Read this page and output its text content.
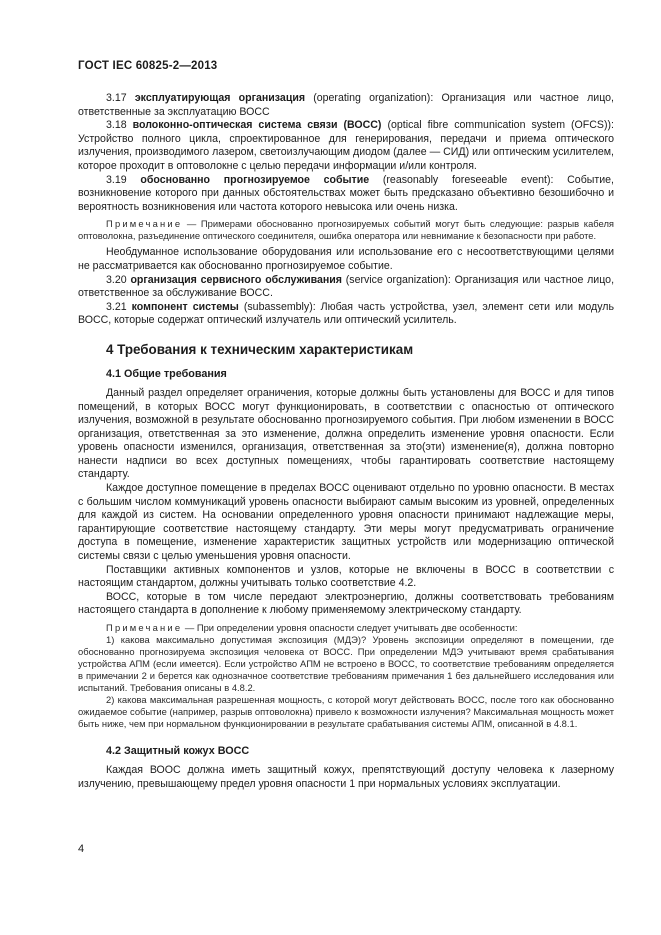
ГОСТ IEC 60825-2—2013

3.17 эксплуатирующая организация (operating organization): Организация или частное лицо, ответственные за эксплуатацию ВОСС

3.18 волоконно-оптическая система связи (ВОСС) (optical fibre communication system (OFCS)): Устройство полного цикла, спроектированное для генерирования, передачи и приема оптического излучения, производимого лазером, светоизлучающим диодом (далее — СИД) или оптическим усилителем, которое проходит в оптоволокне с целью передачи информации и/или контроля.

3.19 обоснованно прогнозируемое событие (reasonably foreseeable event): Событие, возникновение которого при данных обстоятельствах может быть предсказано объективно безошибочно и вероятность возникновения или частота которого невысока или очень низка.

Примечание — Примерами обоснованно прогнозируемых событий могут быть следующие: разрыв кабеля оптоволокна, разъединение оптического соединителя, ошибка оператора или невнимание к безопасности при работе.

Необдуманное использование оборудования или использование его с несоответствующими целями не рассматривается как обоснованно прогнозируемое событие.

3.20 организация сервисного обслуживания (service organization): Организация или частное лицо, ответственное за обслуживание ВОСС.

3.21 компонент системы (subassembly): Любая часть устройства, узел, элемент сети или модуль ВОСС, которые содержат оптический излучатель или оптический усилитель.

4 Требования к техническим характеристикам
4.1 Общие требования

Данный раздел определяет ограничения, которые должны быть установлены для ВОСС и для типов помещений, в которых ВОСС могут функционировать, в соответствии с опасностью от оптического излучения, возможной в результате обоснованно прогнозируемого события. При любом изменении в ВОСС организация, ответственная за это изменение, должна определить изменение уровня опасности. Если уровень опасности изменился, организация, ответственная за это(эти) изменение(я), должна повторно нанести надписи во всех доступных помещениях, чтобы гарантировать соответствие настоящему стандарту.

Каждое доступное помещение в пределах ВОСС оценивают отдельно по уровню опасности. В местах с большим числом коммуникаций уровень опасности выбирают самым высоким из уровней, определенных для каждой из систем. На основании определенного уровня опасности принимают надлежащие меры, гарантирующие соответствие настоящему стандарту. Эти меры могут предусматривать ограничение доступа в помещение, изменение характеристик защитных устройств или модернизацию оптической системы связи с целью уменьшения уровня опасности.

Поставщики активных компонентов и узлов, которые не включены в ВОСС в соответствии с настоящим стандартом, должны учитывать только соответствие 4.2.

ВОСС, которые в том числе передают электроэнергию, должны соответствовать требованиям настоящего стандарта в дополнение к любому применяемому электрическому стандарту.

Примечание — При определении уровня опасности следует учитывать две особенности:

1) какова максимально допустимая экспозиция (МДЭ)? Уровень экспозиции определяют в помещении, где обоснованно прогнозируема экспозиция человека от ВОСС. При определении МДЭ учитывают время срабатывания устройства АПМ (если имеется). Если устройство АПМ не встроено в ВОСС, то соответствие требованиям определяется в примечании 2 и берется как однозначное соответствие требованиям примечания 1 без дальнейшего исследования или испытаний. Требования описаны в 4.8.2.

2) какова максимальная разрешенная мощность, с которой могут действовать ВОСС, после того как обоснованно ожидаемое событие (например, разрыв оптоволокна) привело к возможности излучения? Максимальная мощность может быть ниже, чем при нормальном функционировании в результате срабатывания системы АПМ, описанной в 4.8.1.

4.2 Защитный кожух ВОСС

Каждая ВООС должна иметь защитный кожух, препятствующий доступу человека к лазерному излучению, превышающему предел уровня опасности 1 при нормальных условиях эксплуатации.

4
